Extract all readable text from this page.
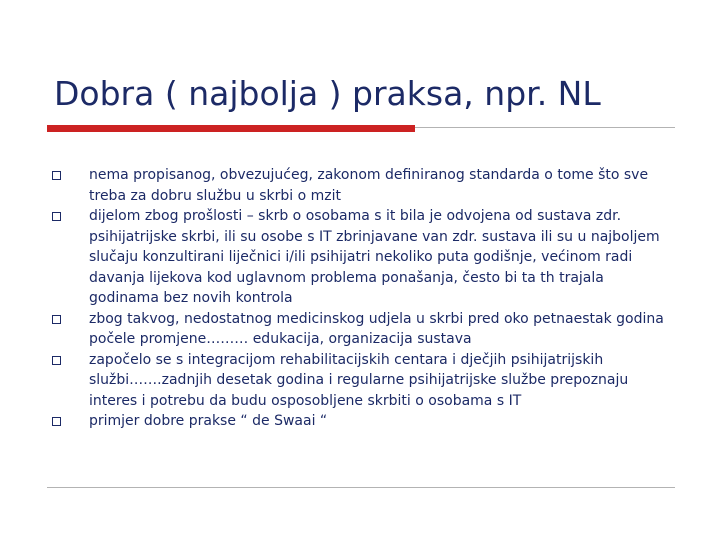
Dobra ( najbolja ) praksa, npr. NL
nema propisanog, obvezujućeg, zakonom definiranog standarda o tome što sve treba za dobru službu u skrbi o mzit
dijelom zbog prošlosti – skrb o osobama s it bila je odvojena od sustava zdr. psihijatrijske skrbi, ili su osobe s IT zbrinjavane van zdr. sustava ili su u najboljem slučaju konzultirani liječnici i/ili psihijatri nekoliko puta godišnje, većinom radi davanja lijekova kod uglavnom problema ponašanja, često bi ta th trajala godinama bez novih kontrola
zbog takvog, nedostatnog medicinskog udjela u skrbi pred oko petnaestak godina počele promjene……… edukacija, organizacija sustava
započelo se s integracijom rehabilitacijskih centara i dječjih psihijatrijskih službi…….zadnjih desetak godina i regularne psihijatrijske službe prepoznaju interes i potrebu da budu osposobljene skrbiti o osobama s IT
primjer dobre prakse “ de Swaai “
